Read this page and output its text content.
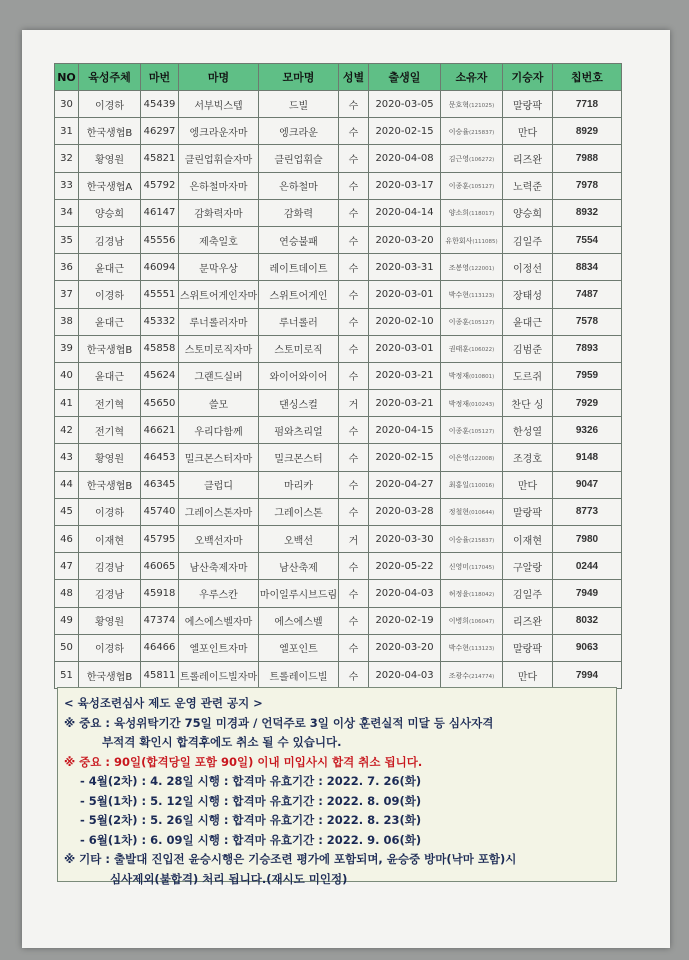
NO	육성주체	마번	마명	모마명	성별	출생일	소유자	기승자	칩번호
30	이경하	45439	서부빅스텝	드빌	수	2020-03-05	문호혁(121025)	말랑팍	7718
31	한국생협B	46297	엥크라운자마	엥크라운	수	2020-02-15	이승율(215837)	만다	8929
32	황영원	45821	클린업휘슬자마	클린업휘슬	수	2020-04-08	김근영(106272)	리즈완	7988
33	한국생협A	45792	은하철마자마	은하철마	수	2020-03-17	이종훈(105127)	노력준	7978
34	양승희	46147	감화력자마	감화력	수	2020-04-14	양소희(118017)	양승희	8932
35	김경남	45556	제축일호	연승불패	수	2020-03-20	유한회사(111085)	김일주	7554
36	윤대근	46094	문막우상	레이트데이트	수	2020-03-31	조봉영(122001)	이정선	8834
37	이경하	45551	스위트어게인자마	스위트어게인	수	2020-03-01	박수현(113123)	장태성	7487
38	윤대근	45332	루너롤러자마	루너롤러	수	2020-02-10	이종훈(105127)	윤대근	7578
39	한국생협B	45858	스토미로직자마	스토미로직	수	2020-03-01	권태훈(106022)	김범준	7893
40	윤대근	45624	그랜드실버	와이어와이어	수	2020-03-21	박정재(010801)	도르쥐	7959
41	전기혁	45650	쓸모	댄싱스컬	거	2020-03-21	박정재(010243)	찬단 싱	7929
42	전기혁	46621	우리다함께	펌와츠리얼	수	2020-04-15	이종훈(105127)	한성열	9326
43	황영원	46453	밀크몬스터자마	밀크몬스터	수	2020-02-15	이은영(122008)	조경호	9148
44	한국생협B	46345	클럽디	마리카	수	2020-04-27	최홍일(110016)	만다	9047
45	이경하	45740	그레이스톤자마	그레이스톤	수	2020-03-28	정철현(010644)	말랑팍	8773
46	이재현	45795	오백선자마	오백선	거	2020-03-30	이승율(215837)	이재현	7980
47	김경남	46065	남산축제자마	남산축제	수	2020-05-22	신영미(117045)	구알랑	0244
48	김경남	45918	우루스칸	마이일루시브드림	수	2020-04-03	허정윤(118042)	김일주	7949
49	황영원	47374	에스에스벨자마	에스에스벨	수	2020-02-19	이병희(106047)	리즈완	8032
50	이경하	46466	엘포인트자마	엘포인트	수	2020-03-20	박수현(113123)	말랑팍	9063
51	한국생협B	45811	트롤레이드빌자마	트롤레이드빌	수	2020-04-03	조광수(214774)	만다	7994
< 육성조련심사 제도 운영 관련 공지 >
※ 중요 : 육성위탁기간 75일 미경과 / 언덕주로 3일 이상 훈련실적 미달 등 심사자격
부적격 확인시 합격후에도 취소 될 수 있습니다.
※ 중요 : 90일(합격당일 포함 90일) 이내 미입사시 합격 취소 됩니다.
- 4월(2차) : 4. 28일 시행 : 합격마 유효기간 : 2022. 7. 26(화)
- 5월(1차) : 5. 12일 시행 : 합격마 유효기간 : 2022. 8. 09(화)
- 5월(2차) : 5. 26일 시행 : 합격마 유효기간 : 2022. 8. 23(화)
- 6월(1차) : 6. 09일 시행 : 합격마 유효기간 : 2022. 9. 06(화)
※ 기타 : 출발대 진입전 윤승시행은 기승조련 평가에 포함되며, 윤승중 방마(낙마 포함)시
심사제외(불합격) 처리 됩니다.(재시도 미인정)
